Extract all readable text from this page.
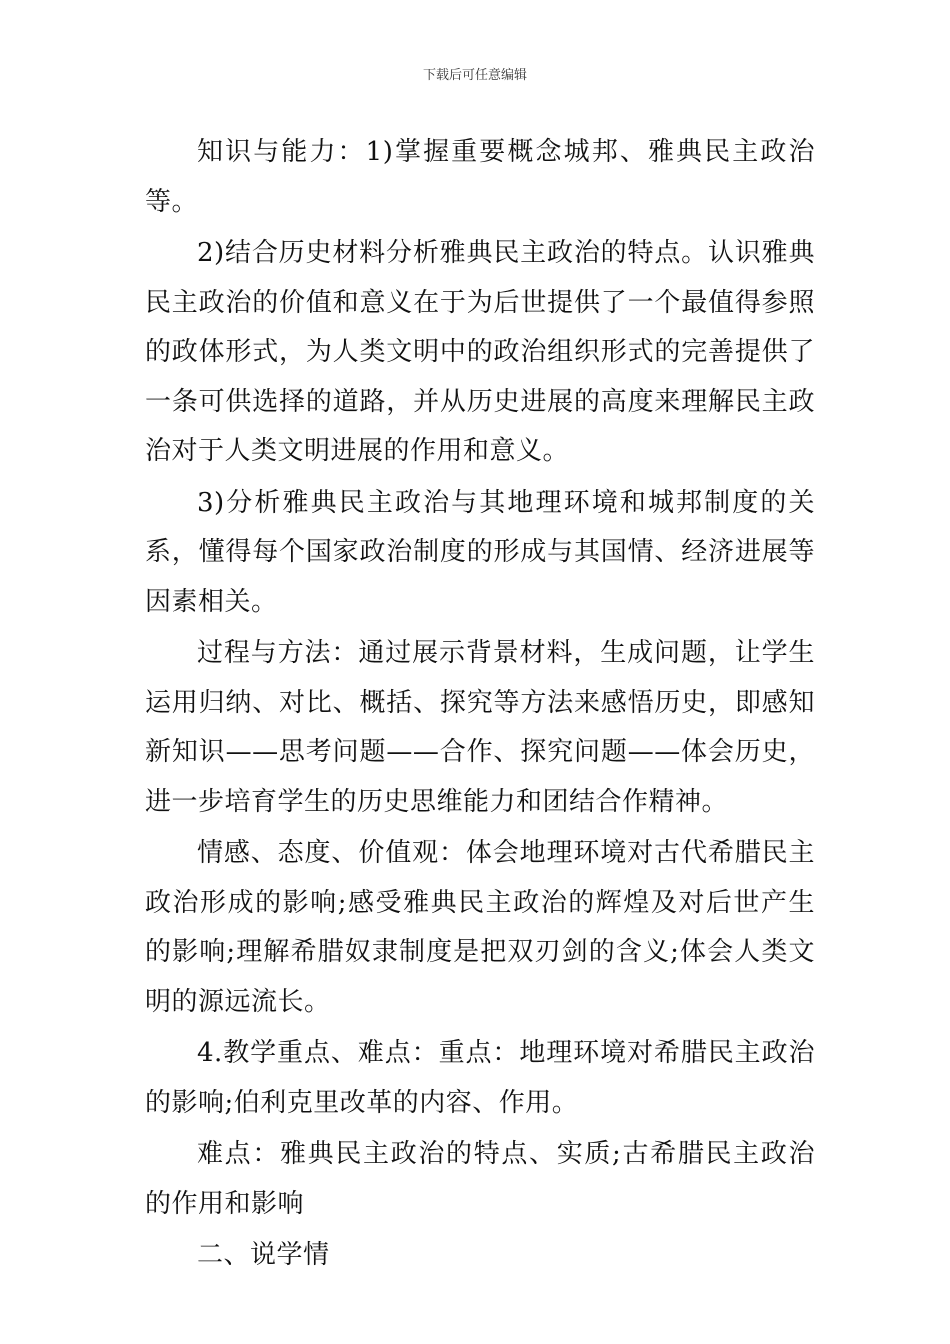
下载后可任意编辑

知识与能力：1)掌握重要概念城邦、雅典民主政治等。

2)结合历史材料分析雅典民主政治的特点。认识雅典民主政治的价值和意义在于为后世提供了一个最值得参照的政体形式，为人类文明中的政治组织形式的完善提供了一条可供选择的道路，并从历史进展的高度来理解民主政治对于人类文明进展的作用和意义。

3)分析雅典民主政治与其地理环境和城邦制度的关系，懂得每个国家政治制度的形成与其国情、经济进展等因素相关。

过程与方法：通过展示背景材料，生成问题，让学生运用归纳、对比、概括、探究等方法来感悟历史，即感知新知识——思考问题——合作、探究问题——体会历史，进一步培育学生的历史思维能力和团结合作精神。

情感、态度、价值观：体会地理环境对古代希腊民主政治形成的影响;感受雅典民主政治的辉煌及对后世产生的影响;理解希腊奴隶制度是把双刃剑的含义;体会人类文明的源远流长。

4.教学重点、难点：重点：地理环境对希腊民主政治的影响;伯利克里改革的内容、作用。

难点：雅典民主政治的特点、实质;古希腊民主政治的作用和影响

二、说学情
